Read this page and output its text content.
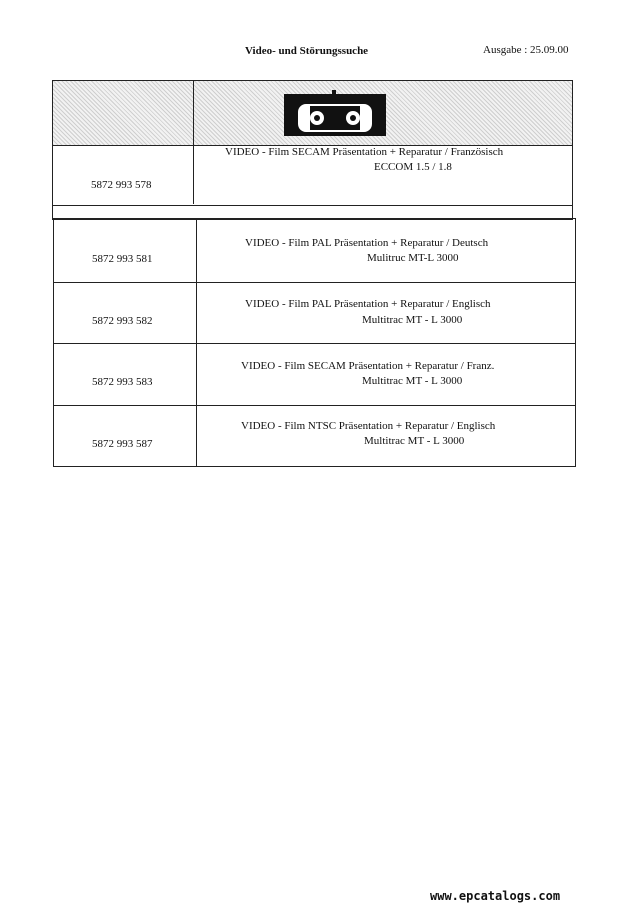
Video- und Störungssuche	Ausgabe : 25.09.00
5872 993 578
VIDEO - Film SECAM Präsentation + Reparatur / Französisch
ECCOM 1.5 / 1.8
5872 993 581
VIDEO - Film PAL Präsentation + Reparatur / Deutsch
Mulitruc MT-L 3000
5872 993 582
VIDEO - Film PAL Präsentation + Reparatur / Englisch
Multitrac MT - L 3000
5872 993 583
VIDEO - Film SECAM Präsentation + Reparatur / Franz.
Multitrac MT - L 3000
5872 993 587
VIDEO - Film NTSC Präsentation + Reparatur / Englisch
Multitrac MT - L 3000
www.epcatalogs.com
